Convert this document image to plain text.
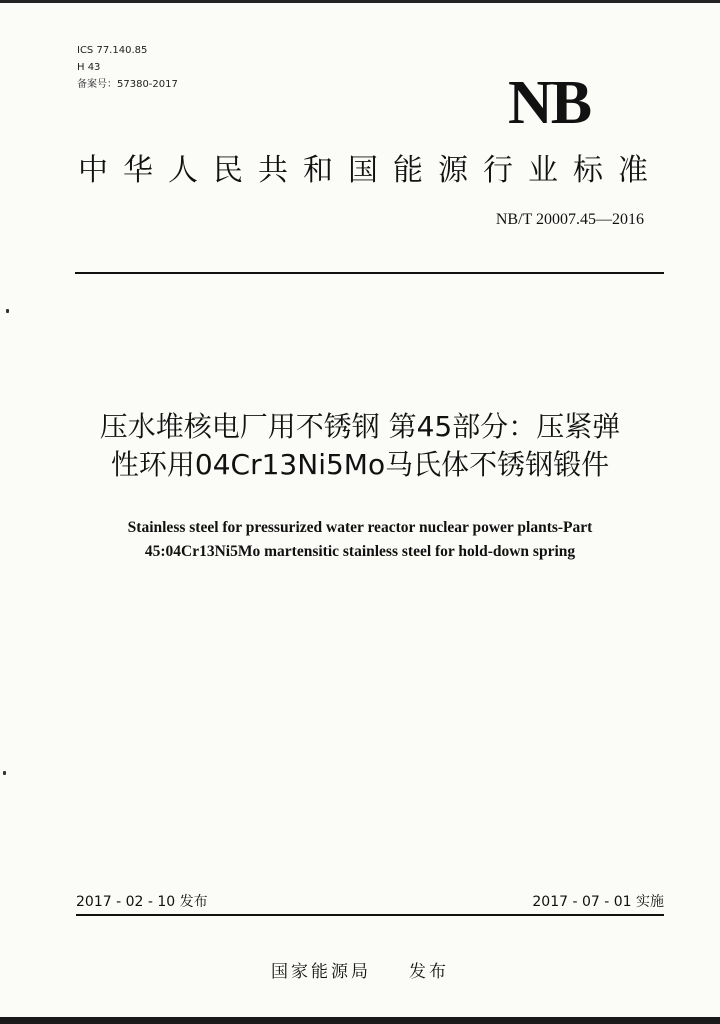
ICS 77.140.85
H 43
备案号：57380-2017	NB
中华人民共和国能源行业标准
NB/T 20007.45—2016
压水堆核电厂用不锈钢 第45部分：压紧弹
性环用04Cr13Ni5Mo马氏体不锈钢锻件
Stainless steel for pressurized water reactor nuclear power plants-Part
45:04Cr13Ni5Mo martensitic stainless steel for hold-down spring
2017 - 02 - 10 发布	2017 - 07 - 01 实施
国家能源局 发布
